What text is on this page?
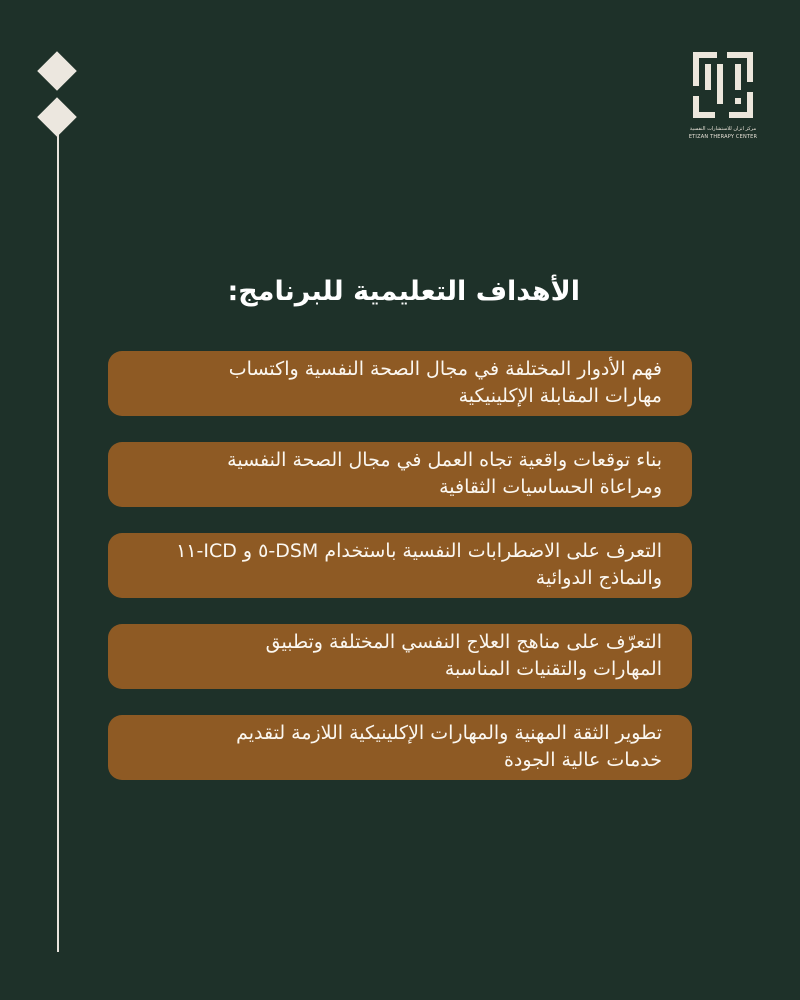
مركز اتزان للاستشارات النفسية
ETIZAN THERAPY CENTER
الأهداف التعليمية للبرنامج:
فهم الأدوار المختلفة في مجال الصحة النفسية واكتساب
مهارات المقابلة الإكلينيكية
بناء توقعات واقعية تجاه العمل في مجال الصحة النفسية
ومراعاة الحساسيات الثقافية
التعرف على الاضطرابات النفسية باستخدام DSM-٥ و ICD-١١
والنماذج الدوائية
التعرّف على مناهج العلاج النفسي المختلفة وتطبيق
المهارات والتقنيات المناسبة
تطوير الثقة المهنية والمهارات الإكلينيكية اللازمة لتقديم
خدمات عالية الجودة
